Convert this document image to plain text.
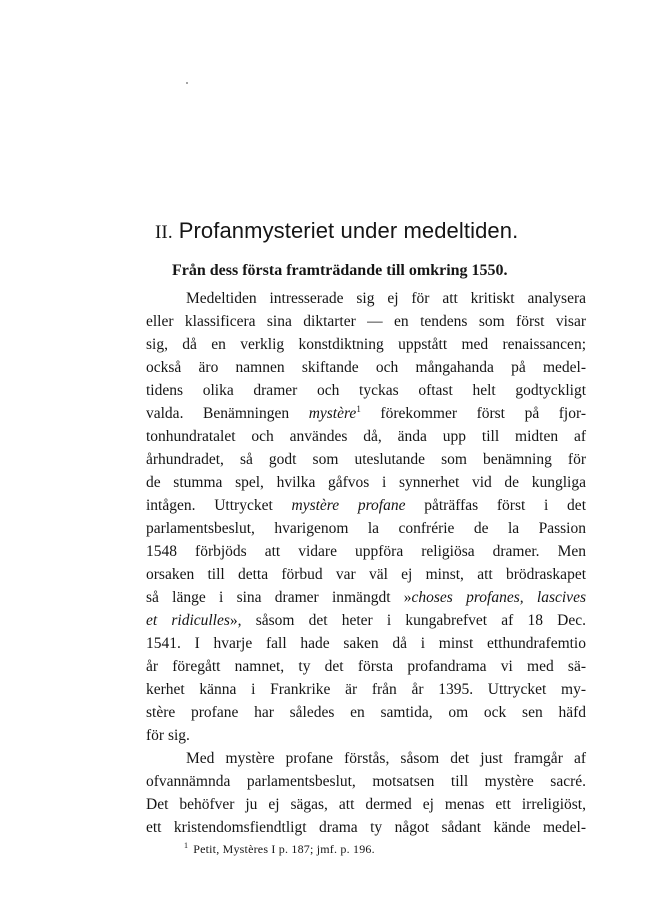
II. Profanmysteriet under medeltiden.
Från dess första framträdande till omkring 1550.
Medeltiden intresserade sig ej för att kritiskt analysera
eller klassificera sina diktarter — en tendens som först visar
sig, då en verklig konstdiktning uppstått med renaissancen;
också äro namnen skiftande och mångahanda på medel-
tidens olika dramer och tyckas oftast helt godtyckligt
valda. Benämningen mystère$^1$ förekommer först på fjor-
tonhundratalet och användes då, ända upp till midten af
århundradet, så godt som uteslutande som benämning för
de stumma spel, hvilka gåfvos i synnerhet vid de kungliga
intågen. Uttrycket mystère profane påträffas först i det
parlamentsbeslut, hvarigenom la confrérie de la Passion
1548 förbjöds att vidare uppföra religiösa dramer. Men
orsaken till detta förbud var väl ej minst, att brödraskapet
så länge i sina dramer inmängdt »choses profanes, lascives
et ridiculles», såsom det heter i kungabrefvet af 18 Dec.
1541. I hvarje fall hade saken då i minst etthundrafemtio
år föregått namnet, ty det första profandrama vi med sä-
kerhet känna i Frankrike är från år 1395. Uttrycket my-
stère profane har således en samtida, om ock sen häfd
för sig.
Med mystère profane förstås, såsom det just framgår af
ofvannämnda parlamentsbeslut, motsatsen till mystère sacré.
Det behöfver ju ej sägas, att dermed ej menas ett irreligiöst,
ett kristendomsfiendtligt drama ty något sådant kände medel-
$^1$ Petit, Mystères I p. 187; jmf. p. 196.
